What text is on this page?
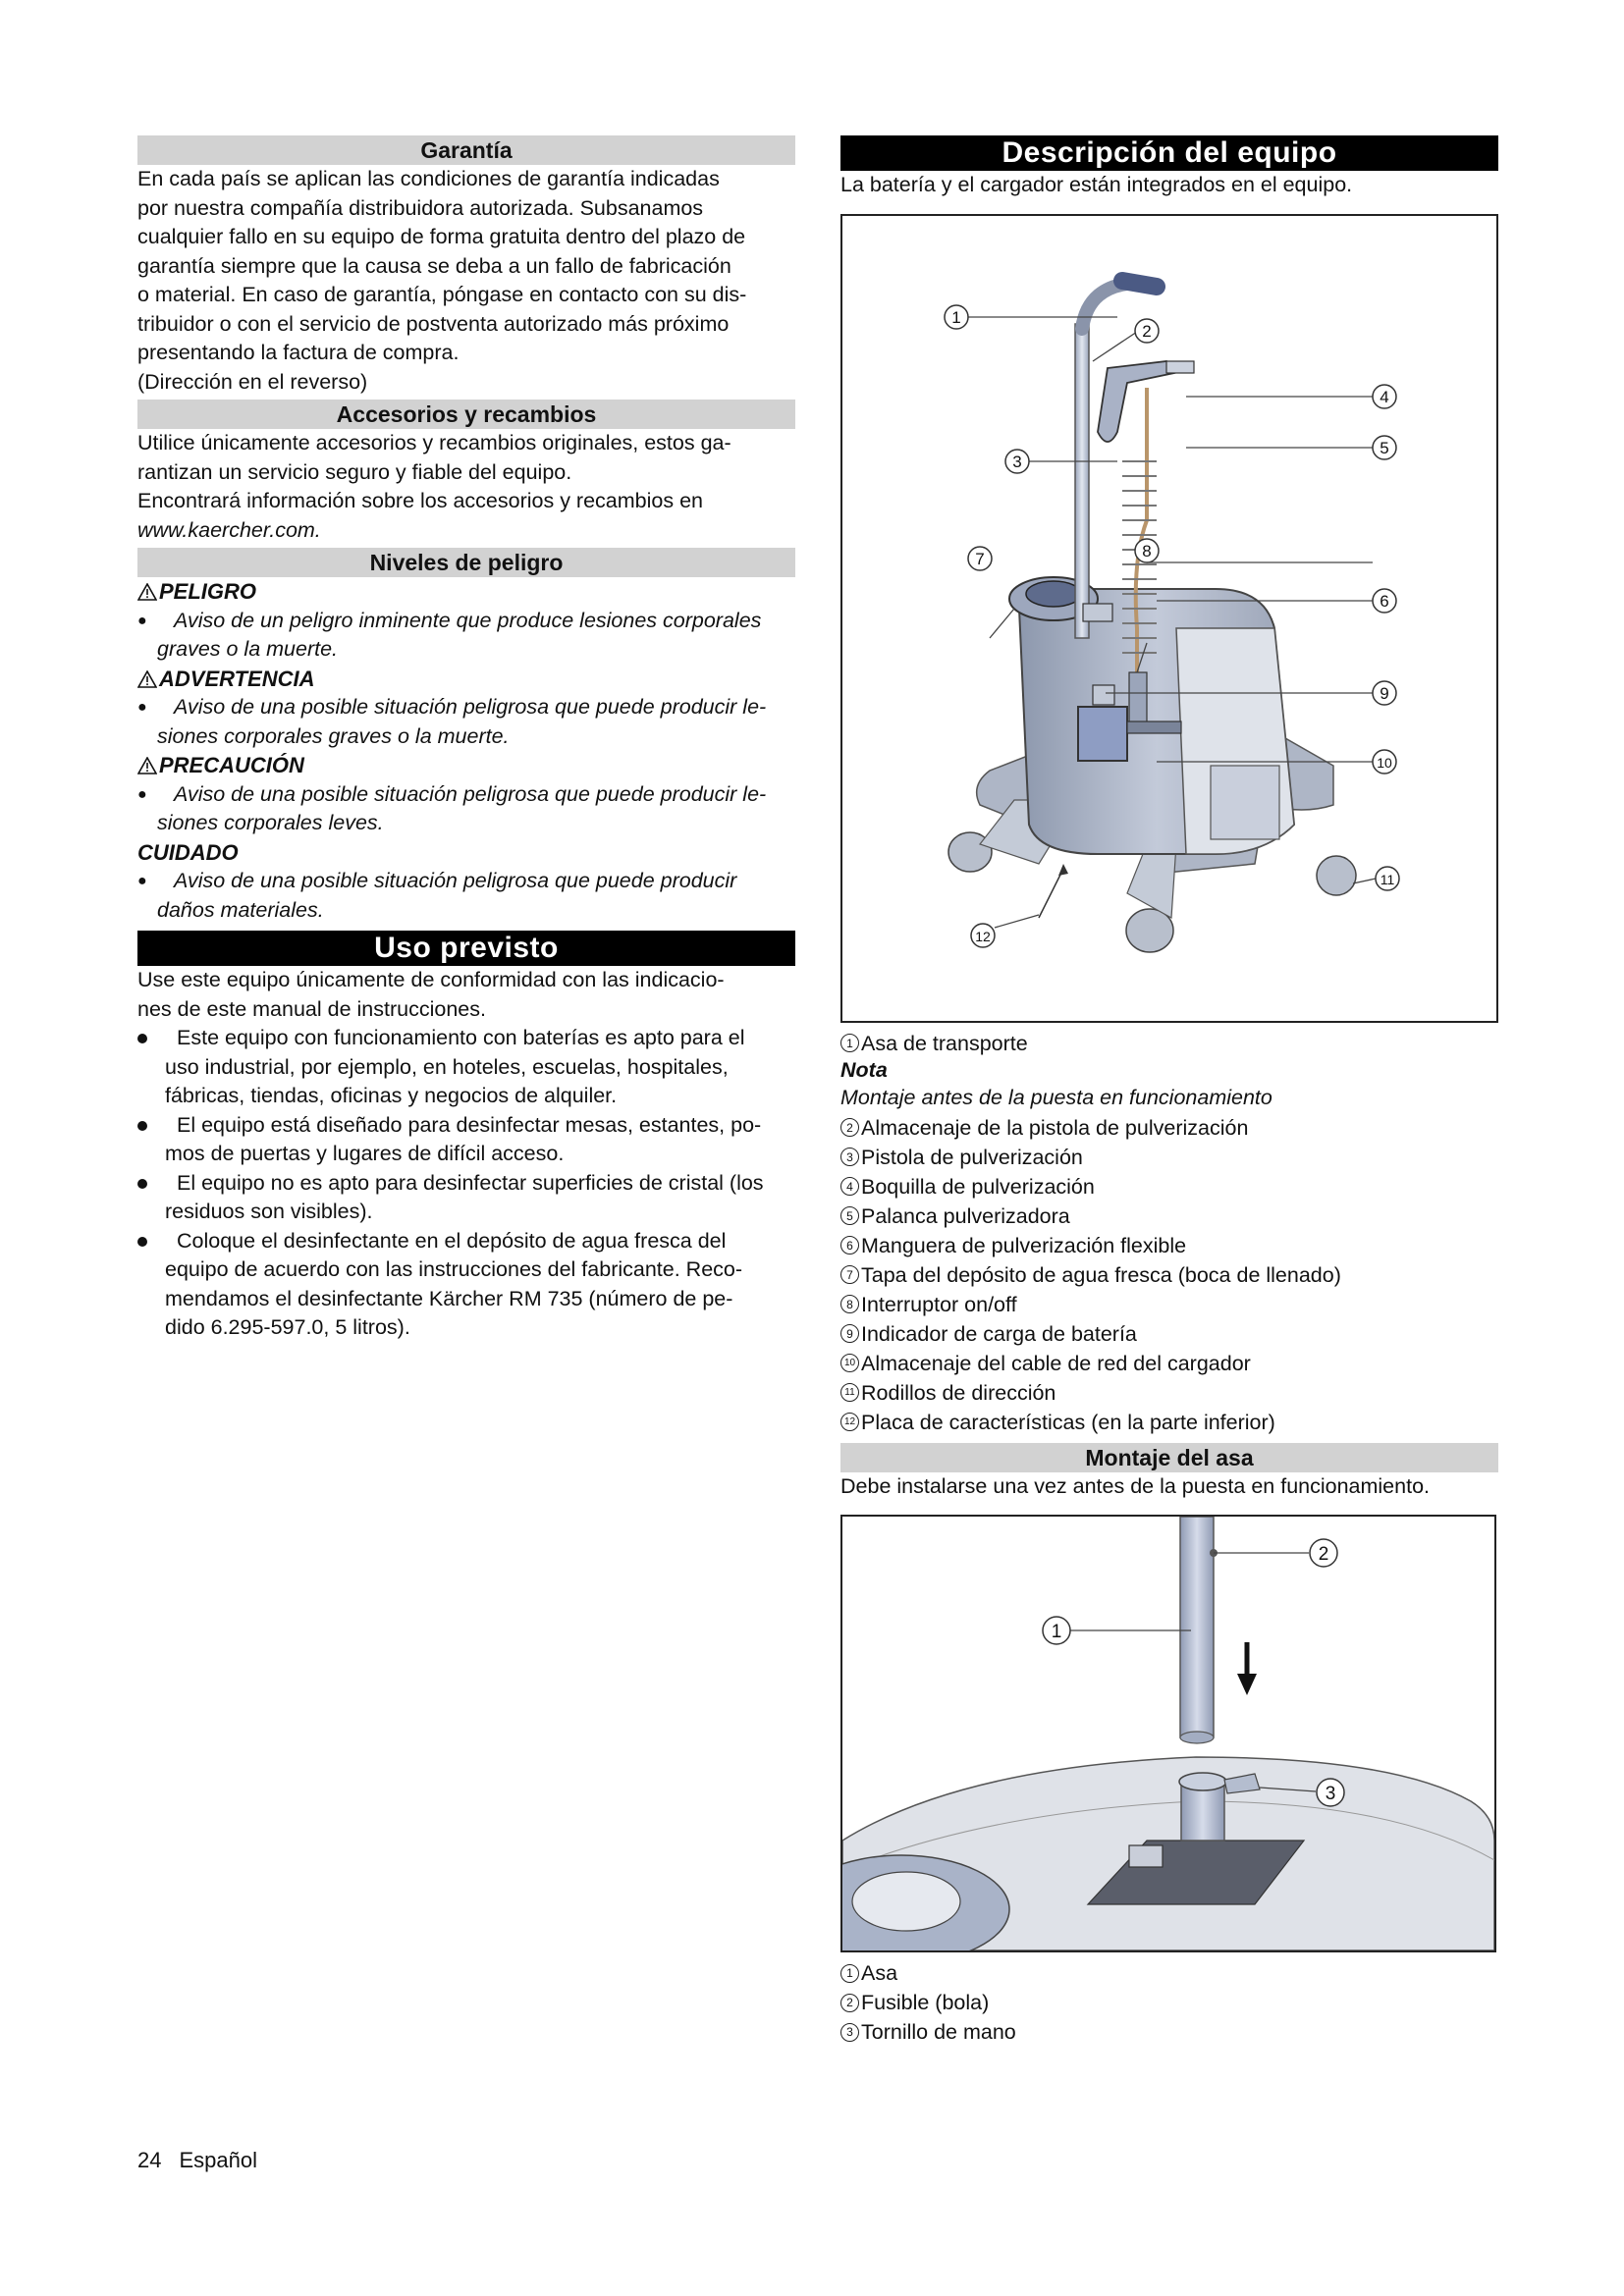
Garantía

En cada país se aplican las condiciones de garantía indicadas

por nuestra compañía distribuidora autorizada. Subsanamos

cualquier fallo en su equipo de forma gratuita dentro del plazo de

garantía siempre que la causa se deba a un fallo de fabricación

o material. En caso de garantía, póngase en contacto con su dis-

tribuidor o con el servicio de postventa autorizado más próximo

presentando la factura de compra.

(Dirección en el reverso)

Accesorios y recambios

Utilice únicamente accesorios y recambios originales, estos ga-

rantizan un servicio seguro y fiable del equipo.

Encontrará información sobre los accesorios y recambios en

www.kaercher.com.

Niveles de peligro

PELIGRO

●	Aviso de un peligro inminente que produce lesiones corporales
graves o la muerte.

ADVERTENCIA

●	Aviso de una posible situación peligrosa que puede producir le-
siones corporales graves o la muerte.

PRECAUCIÓN

●	Aviso de una posible situación peligrosa que puede producir le-
siones corporales leves.

CUIDADO

●	Aviso de una posible situación peligrosa que puede producir
daños materiales.
Uso previsto

Use este equipo únicamente de conformidad con las indicacio-

nes de este manual de instrucciones.

Este equipo con funcionamiento con baterías es apto para el
uso industrial, por ejemplo, en hoteles, escuelas, hospitales,
fábricas, tiendas, oficinas y negocios de alquiler.
El equipo está diseñado para desinfectar mesas, estantes, po-
mos de puertas y lugares de difícil acceso.
El equipo no es apto para desinfectar superficies de cristal (los
residuos son visibles).
Coloque el desinfectante en el depósito de agua fresca del
equipo de acuerdo con las instrucciones del fabricante. Reco-
mendamos el desinfectante Kärcher RM 735 (número de pe-
dido 6.295-597.0, 5 litros).
Descripción del equipo

La batería y el cargador están integrados en el equipo.

1
2
4
3
5
7	8
6
9
10
11
12

1 Asa de transporte

Nota

Montaje antes de la puesta en funcionamiento

2 Almacenaje de la pistola de pulverización

3 Pistola de pulverización

4 Boquilla de pulverización

5 Palanca pulverizadora

6 Manguera de pulverización flexible

7 Tapa del depósito de agua fresca (boca de llenado)

8 Interruptor on/off

9 Indicador de carga de batería

10 Almacenaje del cable de red del cargador

11 Rodillos de dirección

12 Placa de características (en la parte inferior)

Montaje del asa

Debe instalarse una vez antes de la puesta en funcionamiento.

2
1
3

1 Asa

2 Fusible (bola)

3 Tornillo de mano

24 Español
